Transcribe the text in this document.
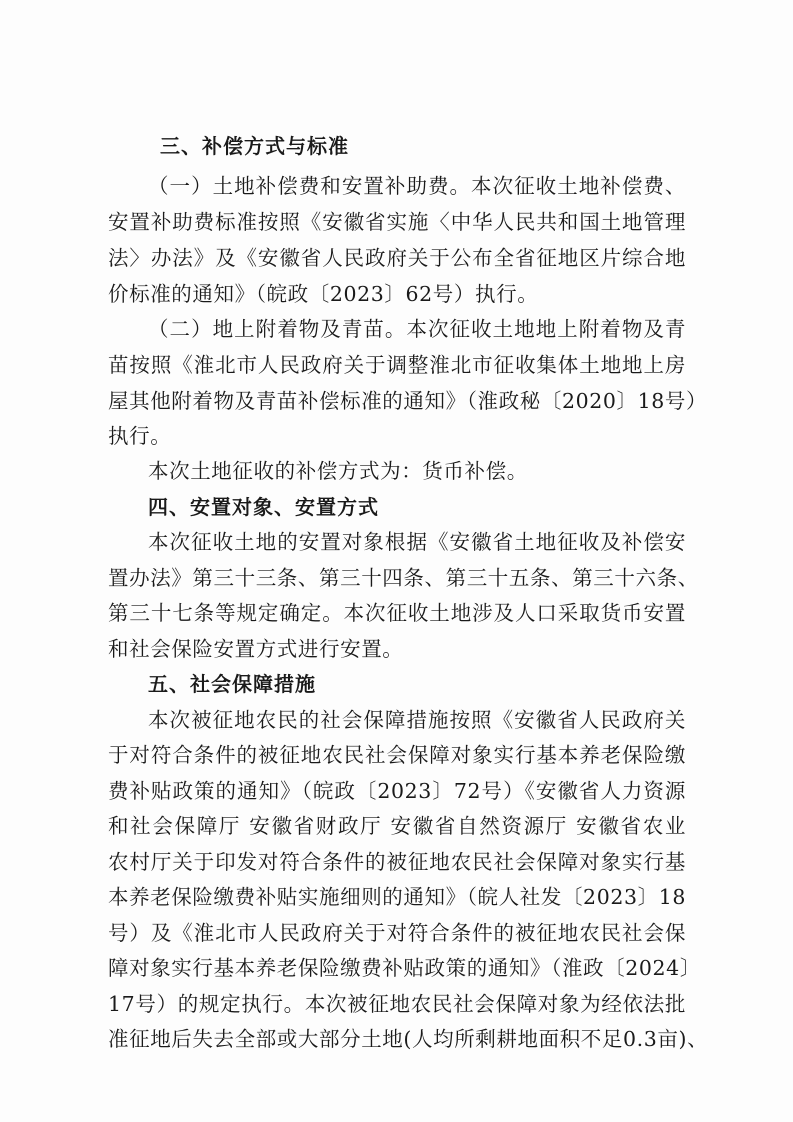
三、补偿方式与标准
（一）土地补偿费和安置补助费。本次征收土地补偿费、
安置补助费标准按照《安徽省实施〈中华人民共和国土地管理
法〉办法》及《安徽省人民政府关于公布全省征地区片综合地
价标准的通知》（皖政〔2023〕62号）执行。
（二）地上附着物及青苗。本次征收土地地上附着物及青
苗按照《淮北市人民政府关于调整淮北市征收集体土地地上房
屋其他附着物及青苗补偿标准的通知》（淮政秘〔2020〕18号）
执行。
本次土地征收的补偿方式为：货币补偿。
四、安置对象、安置方式
本次征收土地的安置对象根据《安徽省土地征收及补偿安
置办法》第三十三条、第三十四条、第三十五条、第三十六条、
第三十七条等规定确定。本次征收土地涉及人口采取货币安置
和社会保险安置方式进行安置。
五、社会保障措施
本次被征地农民的社会保障措施按照《安徽省人民政府关
于对符合条件的被征地农民社会保障对象实行基本养老保险缴
费补贴政策的通知》（皖政〔2023〕72号）《安徽省人力资源
和社会保障厅 安徽省财政厅 安徽省自然资源厅 安徽省农业
农村厅关于印发对符合条件的被征地农民社会保障对象实行基
本养老保险缴费补贴实施细则的通知》（皖人社发〔2023〕18
号）及《淮北市人民政府关于对符合条件的被征地农民社会保
障对象实行基本养老保险缴费补贴政策的通知》（淮政〔2024〕
17号）的规定执行。本次被征地农民社会保障对象为经依法批
准征地后失去全部或大部分土地(人均所剩耕地面积不足0.3亩)、
